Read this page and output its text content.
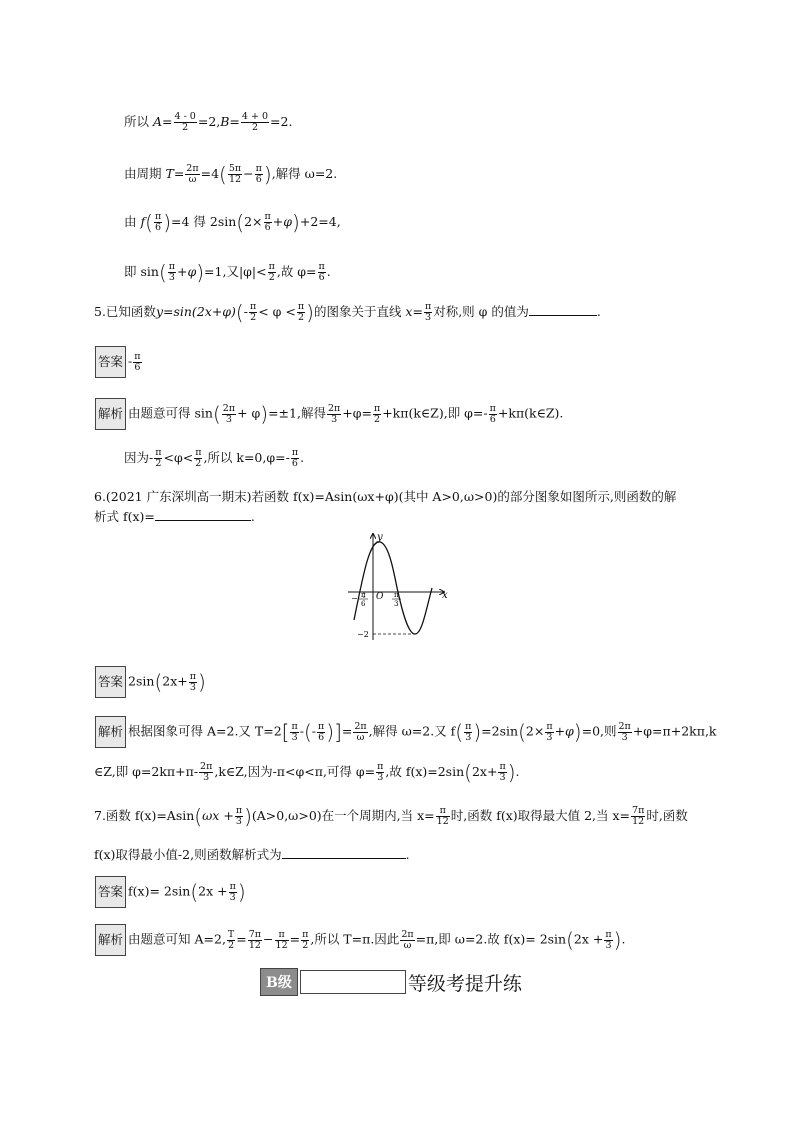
所以 $A= \frac{4 - 0}{2} =2,B= \frac{4 + 0}{2} =2$.
由周期 $T= \frac{2\pi}{\omega} =4( \frac{5\pi}{12} - \frac{\pi}{6}$ ),解得 ω=2.
由 $f( \frac{\pi}{6} )=4$ 得 $2\sin(2\times \frac{\pi}{6} +\varphi)+2=4$,
即 $\sin( \frac{\pi}{3} +\varphi)=1$,又$|\varphi|< \frac{\pi}{2}$ ,故 $\varphi= \frac{\pi}{6}$ .
5.已知函数$y=\sin(2x+\varphi)(- \frac{\pi}{2} < \varphi < \frac{\pi}{2}$ )的图象关于直线 $x= \frac{\pi}{3}$ 对称,则 φ 的值为	.
答案 - $\frac{\pi}{6}$
解析 由题意可得 $\sin( \frac{2\pi}{3} + \varphi)=\pm 1$,解得 $\frac{2\pi}{3} +\varphi= \frac{\pi}{2}$ +kπ(k∈Z),即 $\varphi=- \frac{\pi}{6}$ +kπ(k∈Z).
因为- $\frac{\pi}{2} <\varphi< \frac{\pi}{2}$ ,所以 $k=0,\varphi=- \frac{\pi}{6}$ .
6.(2021 广东深圳高一期末)若函数 f(x)=Asin(ωx+φ)(其中 A>0,ω>0)的部分图象如图所示,则函数的解
析式 f(x)=	.
y
x
O
− π
6
π
3
−2
答案 $2\sin(2x+ \frac{\pi}{3}$ )
解析 根据图象可得 A=2.又 $T=2[ \frac{\pi}{3}$ -(- $\frac{\pi}{6}$ )]= $\frac{2\pi}{\omega}$ ,解得 ω=2.又 $f( \frac{\pi}{3} )=2\sin(2\times \frac{\pi}{3} +\varphi)=0$,则 $\frac{2\pi}{3} +\varphi=\pi+2k\pi,k$
∈Z,即 $\varphi=2k\pi+\pi- \frac{2\pi}{3}$ ,k∈Z,因为-π<φ<π,可得 $\varphi= \frac{\pi}{3}$ ,故 $f(x)=2\sin(2x+ \frac{\pi}{3}$ ).
7.函数 $f(x)=Asin(\omega x + \frac{\pi}{3} )(A>0,\omega>0)$在一个周期内,当 $x= \frac{\pi}{12}$ 时,函数 f(x)取得最大值 2,当 $x= \frac{7\pi}{12}$ 时,函数
f(x)取得最小值-2,则函数解析式为	.
答案 $f(x)= 2\sin(2x + \frac{\pi}{3}$ )
解析 由题意可知 A=2, $\frac{T}{2} = \frac{7\pi}{12} - \frac{\pi}{12} = \frac{\pi}{2}$ ,所以 T=π.因此 $\frac{2\pi}{\omega} =\pi$,即 ω=2.故 $f(x)= 2\sin(2x + \frac{\pi}{3}$ ).
B级	等级考提升练
